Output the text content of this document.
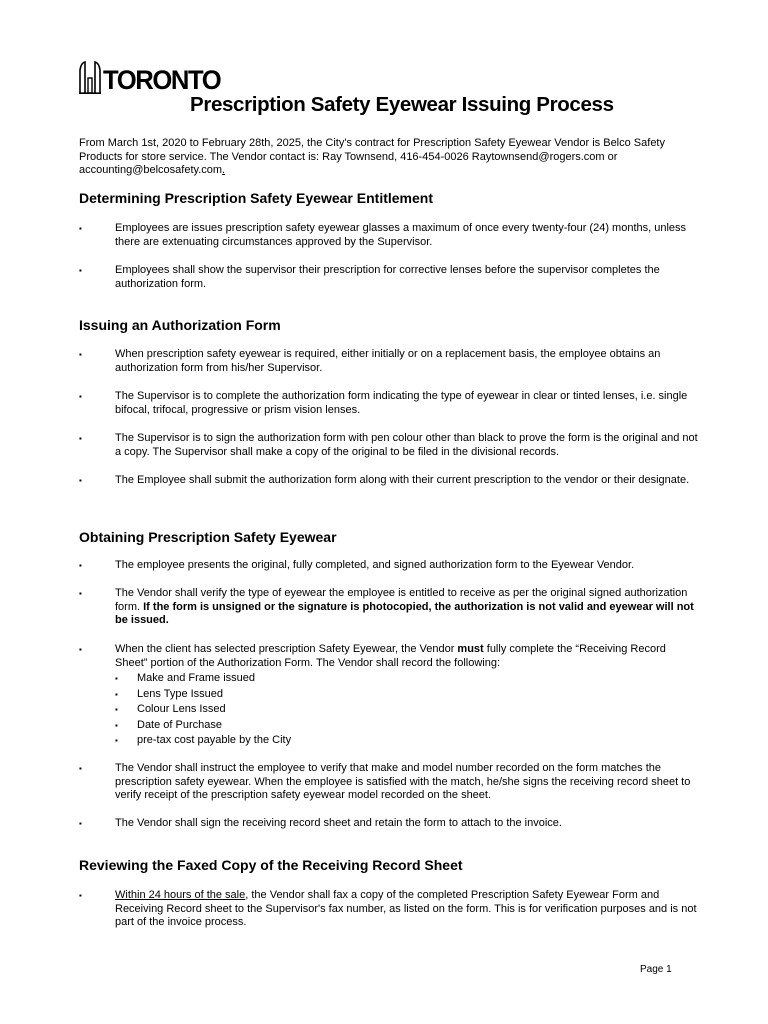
TORONTO
Prescription Safety Eyewear Issuing Process
From March 1st, 2020 to February 28th, 2025, the City's contract for Prescription Safety Eyewear Vendor is Belco Safety Products for store service. The Vendor contact is: Ray Townsend, 416-454-0026 Raytownsend@rogers.com or accounting@belcosafety.com.
Determining Prescription Safety Eyewear Entitlement
▪	Employees are issues prescription safety eyewear glasses a maximum of once every twenty-four (24) months, unless there are extenuating circumstances approved by the Supervisor.
▪	Employees shall show the supervisor their prescription for corrective lenses before the supervisor completes the authorization form.
Issuing an Authorization Form
▪	When prescription safety eyewear is required, either initially or on a replacement basis, the employee obtains an authorization form from his/her Supervisor.
▪	The Supervisor is to complete the authorization form indicating the type of eyewear in clear or tinted lenses, i.e. single bifocal, trifocal, progressive or prism vision lenses.
▪	The Supervisor is to sign the authorization form with pen colour other than black to prove the form is the original and not a copy. The Supervisor shall make a copy of the original to be filed in the divisional records.
▪	The Employee shall submit the authorization form along with their current prescription to the vendor or their designate.
Obtaining Prescription Safety Eyewear
▪	The employee presents the original, fully completed, and signed authorization form to the Eyewear Vendor.
▪	The Vendor shall verify the type of eyewear the employee is entitled to receive as per the original signed authorization form. If the form is unsigned or the signature is photocopied, the authorization is not valid and eyewear will not be issued.
▪	When the client has selected prescription Safety Eyewear, the Vendor must fully complete the “Receiving Record Sheet” portion of the Authorization Form. The Vendor shall record the following:
▪ Make and Frame issued
▪ Lens Type Issued
▪ Colour Lens Issed
▪ Date of Purchase
▪ pre-tax cost payable by the City
▪	The Vendor shall instruct the employee to verify that make and model number recorded on the form matches the prescription safety eyewear. When the employee is satisfied with the match, he/she signs the receiving record sheet to verify receipt of the prescription safety eyewear model recorded on the sheet.
▪	The Vendor shall sign the receiving record sheet and retain the form to attach to the invoice.
Reviewing the Faxed Copy of the Receiving Record Sheet
▪	Within 24 hours of the sale, the Vendor shall fax a copy of the completed Prescription Safety Eyewear Form and Receiving Record sheet to the Supervisor's fax number, as listed on the form. This is for verification purposes and is not part of the invoice process.
Page 1
